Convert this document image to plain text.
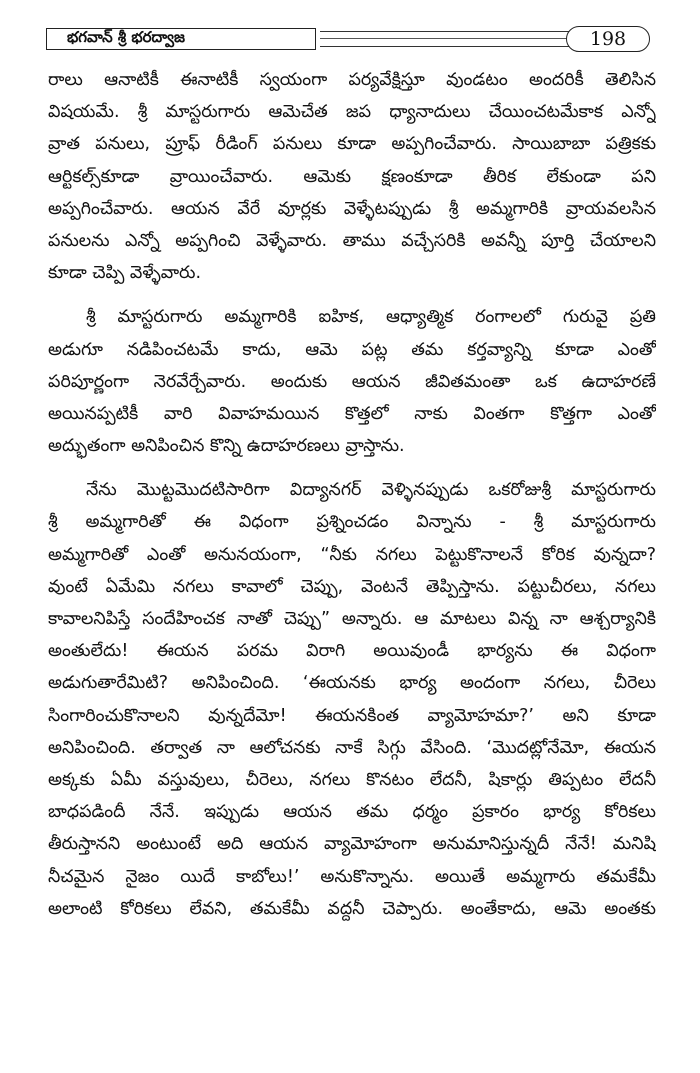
భగవాన్ శ్రీ భరద్వాజ	198
రాలు ఆనాటికీ ఈనాటికీ స్వయంగా పర్యవేక్షిస్తూ వుండటం అందరికీ తెలిసిన
విషయమే. శ్రీ మాస్టరుగారు ఆమెచేత జప ధ్యానాదులు చేయించటమేకాక ఎన్నో
వ్రాత పనులు, ప్రూఫ్ రీడింగ్ పనులు కూడా అప్పగించేవారు. సాయిబాబా పత్రికకు
ఆర్టికల్స్‌కూడా వ్రాయించేవారు. ఆమెకు క్షణంకూడా తీరిక లేకుండా పని
అప్పగించేవారు. ఆయన వేరే వూర్లకు వెళ్ళేటప్పుడు శ్రీ అమ్మగారికి వ్రాయవలసిన
పనులను ఎన్నో అప్పగించి వెళ్ళేవారు. తాము వచ్చేసరికి అవన్నీ పూర్తి చేయాలని
కూడా చెప్పి వెళ్ళేవారు.
శ్రీ మాస్టరుగారు అమ్మగారికి ఐహిక, ఆధ్యాత్మిక రంగాలలో గురువై ప్రతి
అడుగూ నడిపించటమే కాదు, ఆమె పట్ల తమ కర్తవ్యాన్ని కూడా ఎంతో
పరిపూర్ణంగా నెరవేర్చేవారు. అందుకు ఆయన జీవితమంతా ఒక ఉదాహరణే
అయినప్పటికీ వారి వివాహమయిన కొత్తలో నాకు వింతగా కొత్తగా ఎంతో
అద్భుతంగా అనిపించిన కొన్ని ఉదాహరణలు వ్రాస్తాను.
నేను మొట్టమొదటిసారిగా విద్యానగర్ వెళ్ళినప్పుడు ఒకరోజుశ్రీ మాస్టరుగారు
శ్రీ అమ్మగారితో ఈ విధంగా ప్రశ్నించడం విన్నాను - శ్రీ మాస్టరుగారు
అమ్మగారితో ఎంతో అనునయంగా, “నీకు నగలు పెట్టుకొనాలనే కోరిక వున్నదా?
వుంటే ఏమేమి నగలు కావాలో చెప్పు, వెంటనే తెప్పిస్తాను. పట్టుచీరలు, నగలు
కావాలనిపిస్తే సందేహించక నాతో చెప్పు” అన్నారు. ఆ మాటలు విన్న నా ఆశ్చర్యానికి
అంతులేదు! ఈయన పరమ విరాగి అయివుండీ భార్యను ఈ విధంగా
అడుగుతారేమిటి? అనిపించింది. ‘ఈయనకు భార్య అందంగా నగలు, చీరెలు
సింగారించుకొనాలని వున్నదేమో! ఈయనకింత వ్యామోహమా?’ అని కూడా
అనిపించింది. తర్వాత నా ఆలోచనకు నాకే సిగ్గు వేసింది. ‘మొదట్లోనేమో, ఈయన
అక్కకు ఏమీ వస్తువులు, చీరెలు, నగలు కొనటం లేదనీ, షికార్లు తిప్పటం లేదనీ
బాధపడిందీ నేనే. ఇప్పుడు ఆయన తమ ధర్మం ప్రకారం భార్య కోరికలు
తీరుస్తానని అంటుంటే అది ఆయన వ్యామోహంగా అనుమానిస్తున్నదీ నేనే! మనిషి
నీచమైన నైజం యిదే కాబోలు!’ అనుకొన్నాను. అయితే అమ్మగారు తమకేమీ
అలాంటి కోరికలు లేవని, తమకేమీ వద్దనీ చెప్పారు. అంతేకాదు, ఆమె అంతకు
